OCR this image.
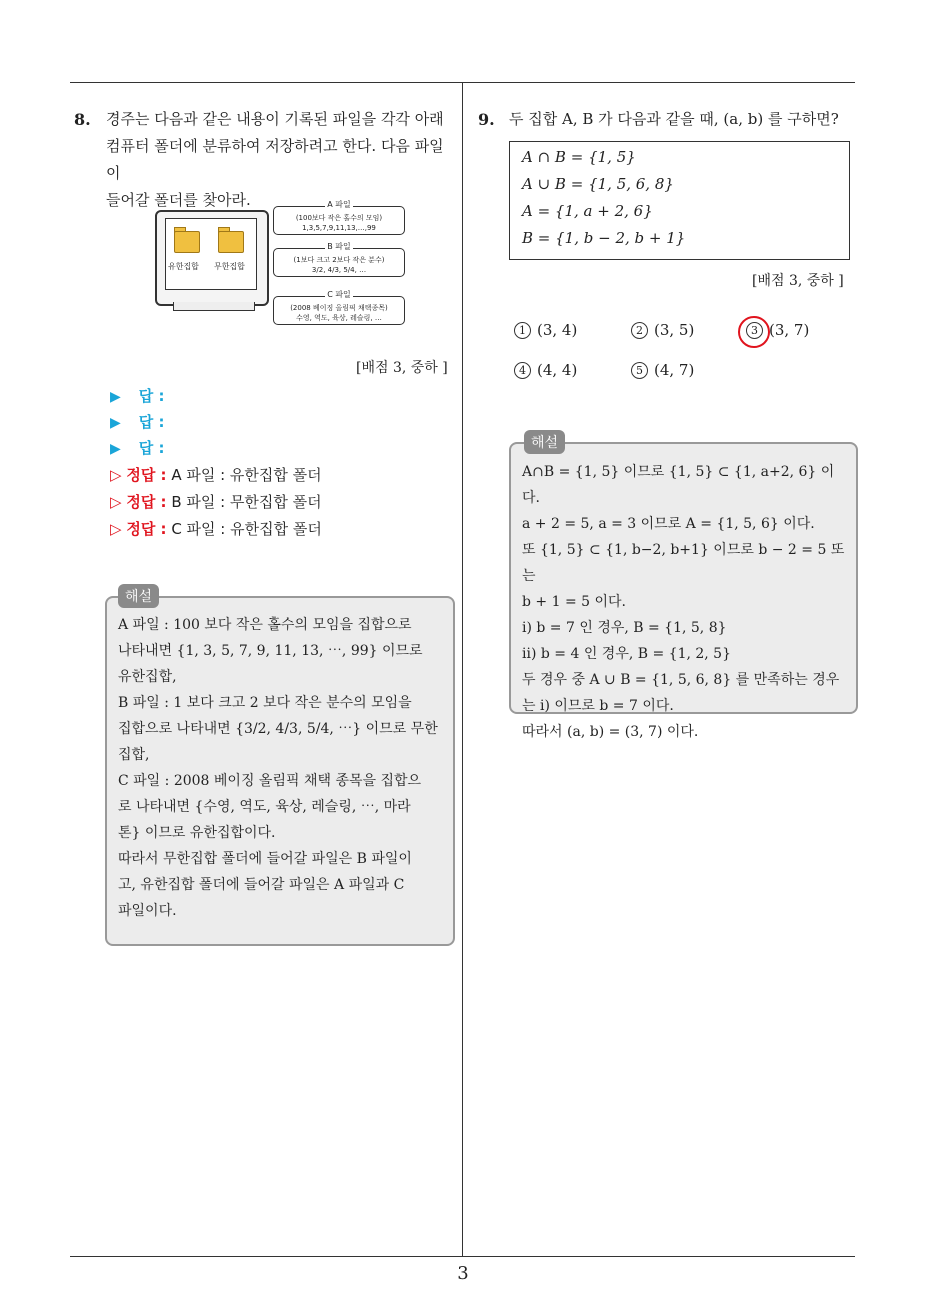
3
8. 경주는 다음과 같은 내용이 기록된 파일을 각각 아래
컴퓨터 폴더에 분류하여 저장하려고 한다. 다음 파일이
들어갈 폴더를 찾아라.
유한집합 무한집합
A 파일
(100보다 작은 홀수의 모임)
1,3,5,7,9,11,13,…,99
B 파일
(1보다 크고 2보다 작은 분수)
3/2, 4/3, 5/4, …
C 파일
(2008 베이징 올림픽 채택종목)
수영, 역도, 육상, 레슬링, …
[배점 3, 중하 ]
▶ 답 :
▶ 답 :
▶ 답 :
▷ 정답 : A 파일 : 유한집합 폴더
▷ 정답 : B 파일 : 무한집합 폴더
▷ 정답 : C 파일 : 유한집합 폴더
해설
A 파일 : 100 보다 작은 홀수의 모임을 집합으로
나타내면 {1, 3, 5, 7, 9, 11, 13, ⋯, 99} 이므로
유한집합,
B 파일 : 1 보다 크고 2 보다 작은 분수의 모임을
집합으로 나타내면 {3/2, 4/3, 5/4, ⋯} 이므로 무한
집합,
C 파일 : 2008 베이징 올림픽 채택 종목을 집합으
로 나타내면 {수영, 역도, 육상, 레슬링, ⋯, 마라
톤} 이므로 유한집합이다.
따라서 무한집합 폴더에 들어갈 파일은 B 파일이
고, 유한집합 폴더에 들어갈 파일은 A 파일과 C
파일이다.
9. 두 집합 A, B 가 다음과 같을 때, (a, b) 를 구하면?
A ∩ B = {1, 5}
A ∪ B = {1, 5, 6, 8}
A = {1, a + 2, 6}
B = {1, b − 2, b + 1}
[배점 3, 중하 ]
1 (3, 4)	2 (3, 5)	3 (3, 7)
4 (4, 4)	5 (4, 7)
해설
A∩B = {1, 5} 이므로 {1, 5} ⊂ {1, a+2, 6} 이다.
a + 2 = 5, a = 3 이므로 A = {1, 5, 6} 이다.
또 {1, 5} ⊂ {1, b−2, b+1} 이므로 b − 2 = 5 또는
b + 1 = 5 이다.
ⅰ) b = 7 인 경우, B = {1, 5, 8}
ⅱ) b = 4 인 경우, B = {1, 2, 5}
두 경우 중 A ∪ B = {1, 5, 6, 8} 를 만족하는 경우
는 ⅰ) 이므로 b = 7 이다.
따라서 (a, b) = (3, 7) 이다.
